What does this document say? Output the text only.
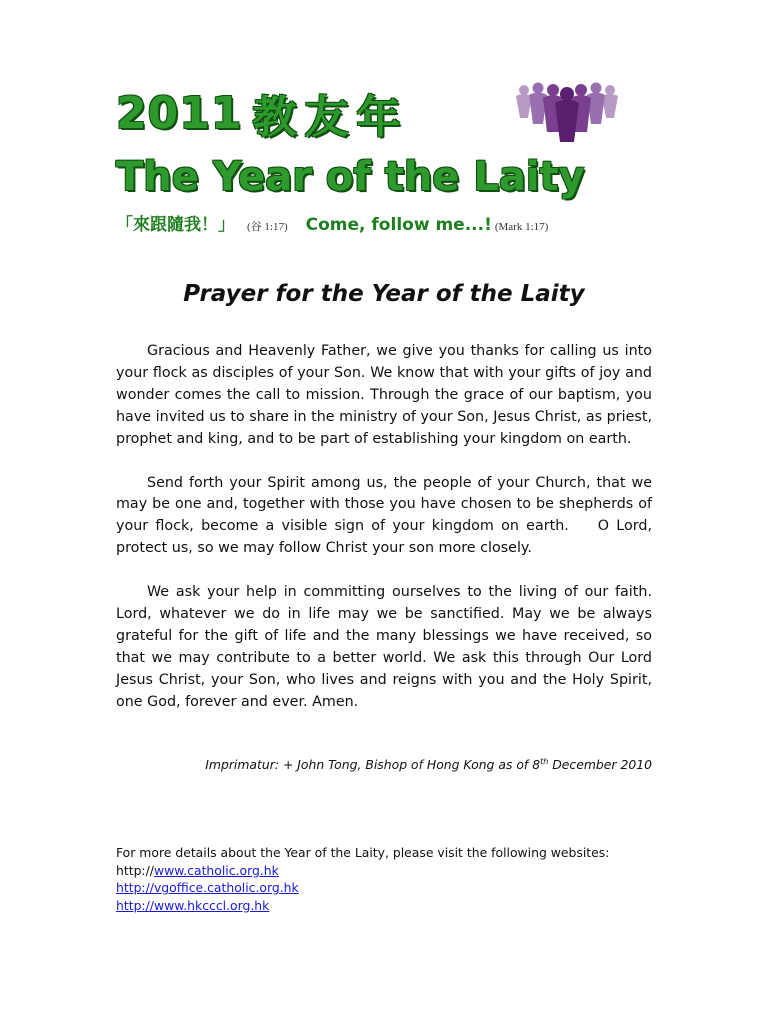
2011 教友年
The Year of the Laity
「來跟隨我！」 (谷 1:17) Come, follow me...! (Mark 1:17)
Prayer for the Year of the Laity

Gracious and Heavenly Father, we give you thanks for calling us into your flock as disciples of your Son. We know that with your gifts of joy and wonder comes the call to mission. Through the grace of our baptism, you have invited us to share in the ministry of your Son, Jesus Christ, as priest, prophet and king, and to be part of establishing your kingdom on earth.

Send forth your Spirit among us, the people of your Church, that we may be one and, together with those you have chosen to be shepherds of your flock, become a visible sign of your kingdom on earth.    O Lord, protect us, so we may follow Christ your son more closely.

We ask your help in committing ourselves to the living of our faith. Lord, whatever we do in life may we be sanctified. May we be always grateful for the gift of life and the many blessings we have received, so that we may contribute to a better world. We ask this through Our Lord Jesus Christ, your Son, who lives and reigns with you and the Holy Spirit, one God, forever and ever. Amen.

Imprimatur: + John Tong, Bishop of Hong Kong as of 8th December 2010
For more details about the Year of the Laity, please visit the following websites:
http://www.catholic.org.hk
http://vgoffice.catholic.org.hk
http://www.hkcccl.org.hk
